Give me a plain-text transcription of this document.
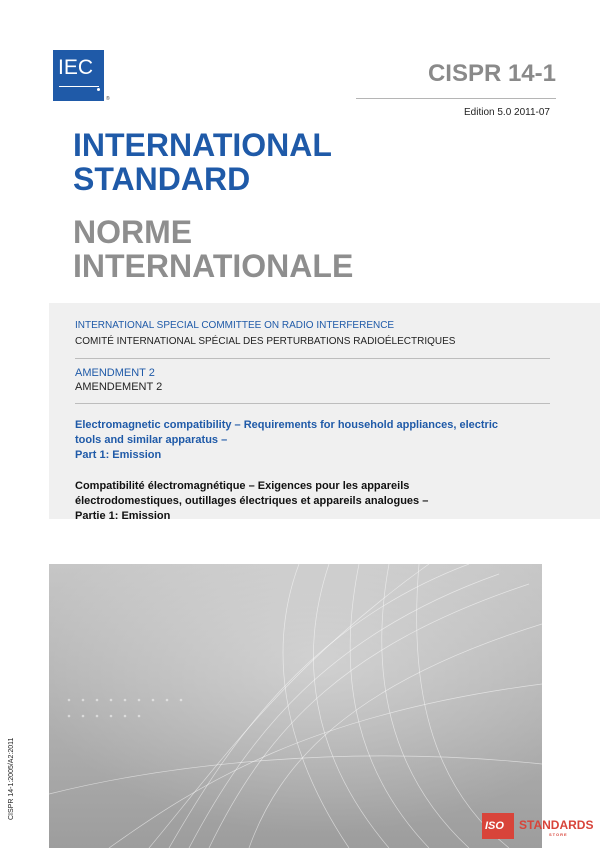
IEC
®
CISPR 14-1
Edition 5.0 2011-07
INTERNATIONAL
STANDARD
NORME
INTERNATIONALE
INTERNATIONAL SPECIAL COMMITTEE ON RADIO INTERFERENCE
COMITÉ INTERNATIONAL SPÉCIAL DES PERTURBATIONS RADIOÉLECTRIQUES
AMENDMENT 2
AMENDEMENT 2
Electromagnetic compatibility – Requirements for household appliances, electric
tools and similar apparatus –
Part 1: Emission
Compatibilité électromagnétique – Exigences pour les appareils
électrodomestiques, outillages électriques et appareils analogues –
Partie 1: Emission
CISPR 14-1:2005/A2:2011
ISO STANDARDS
STORE
